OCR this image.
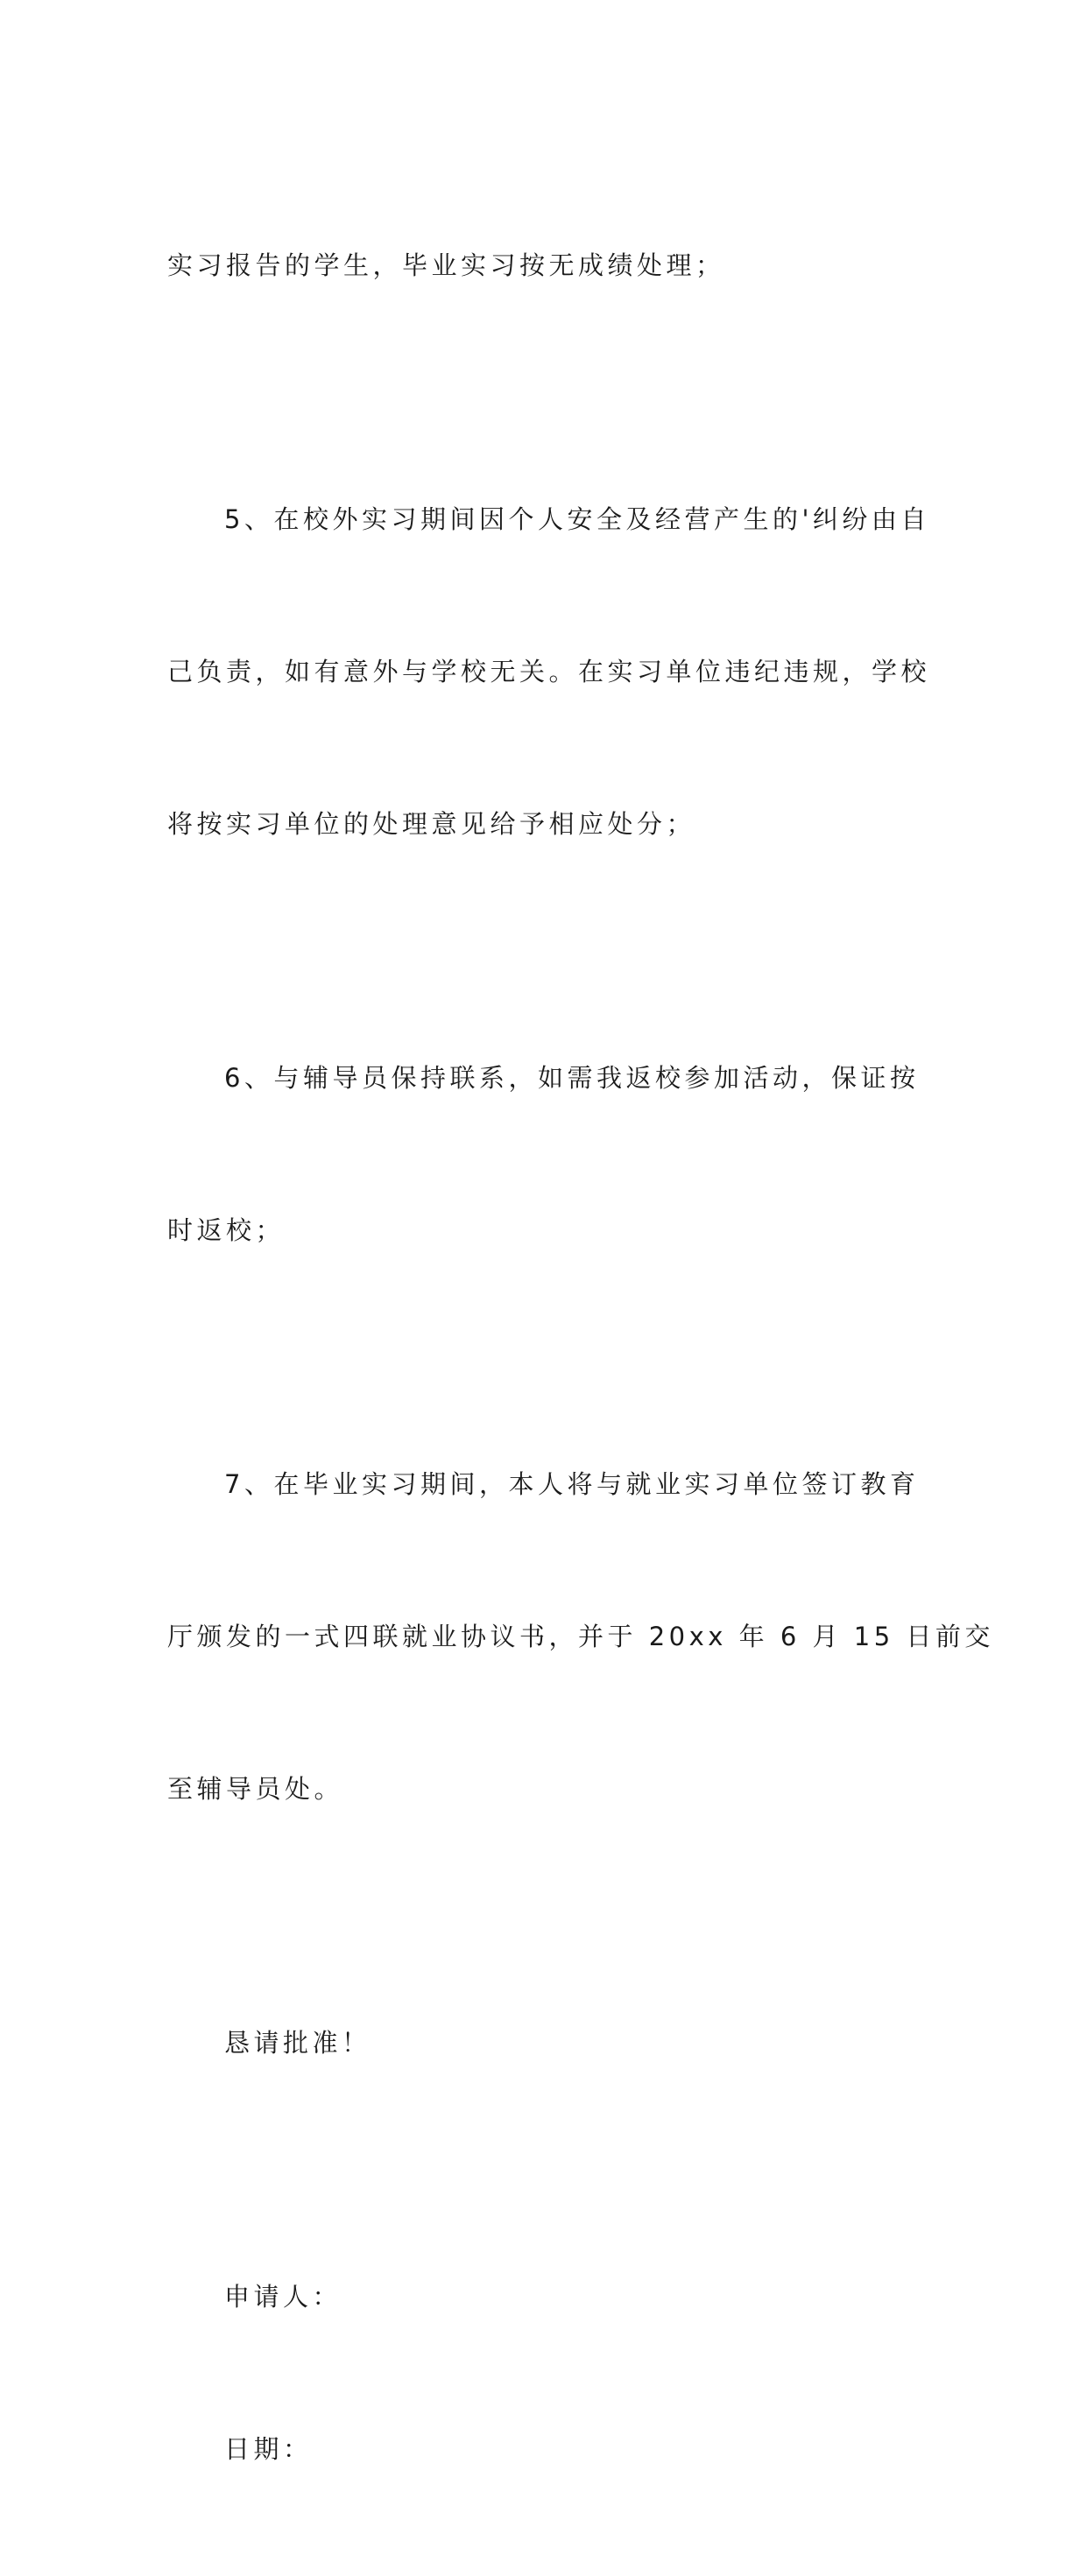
实习报告的学生，毕业实习按无成绩处理；

5、在校外实习期间因个人安全及经营产生的'纠纷由自

己负责，如有意外与学校无关。在实习单位违纪违规，学校

将按实习单位的处理意见给予相应处分；

6、与辅导员保持联系，如需我返校参加活动，保证按

时返校；

7、在毕业实习期间，本人将与就业实习单位签订教育

厅颁发的一式四联就业协议书，并于 20xx 年 6 月 15 日前交

至辅导员处。

恳请批准！

申请人：

日期：
